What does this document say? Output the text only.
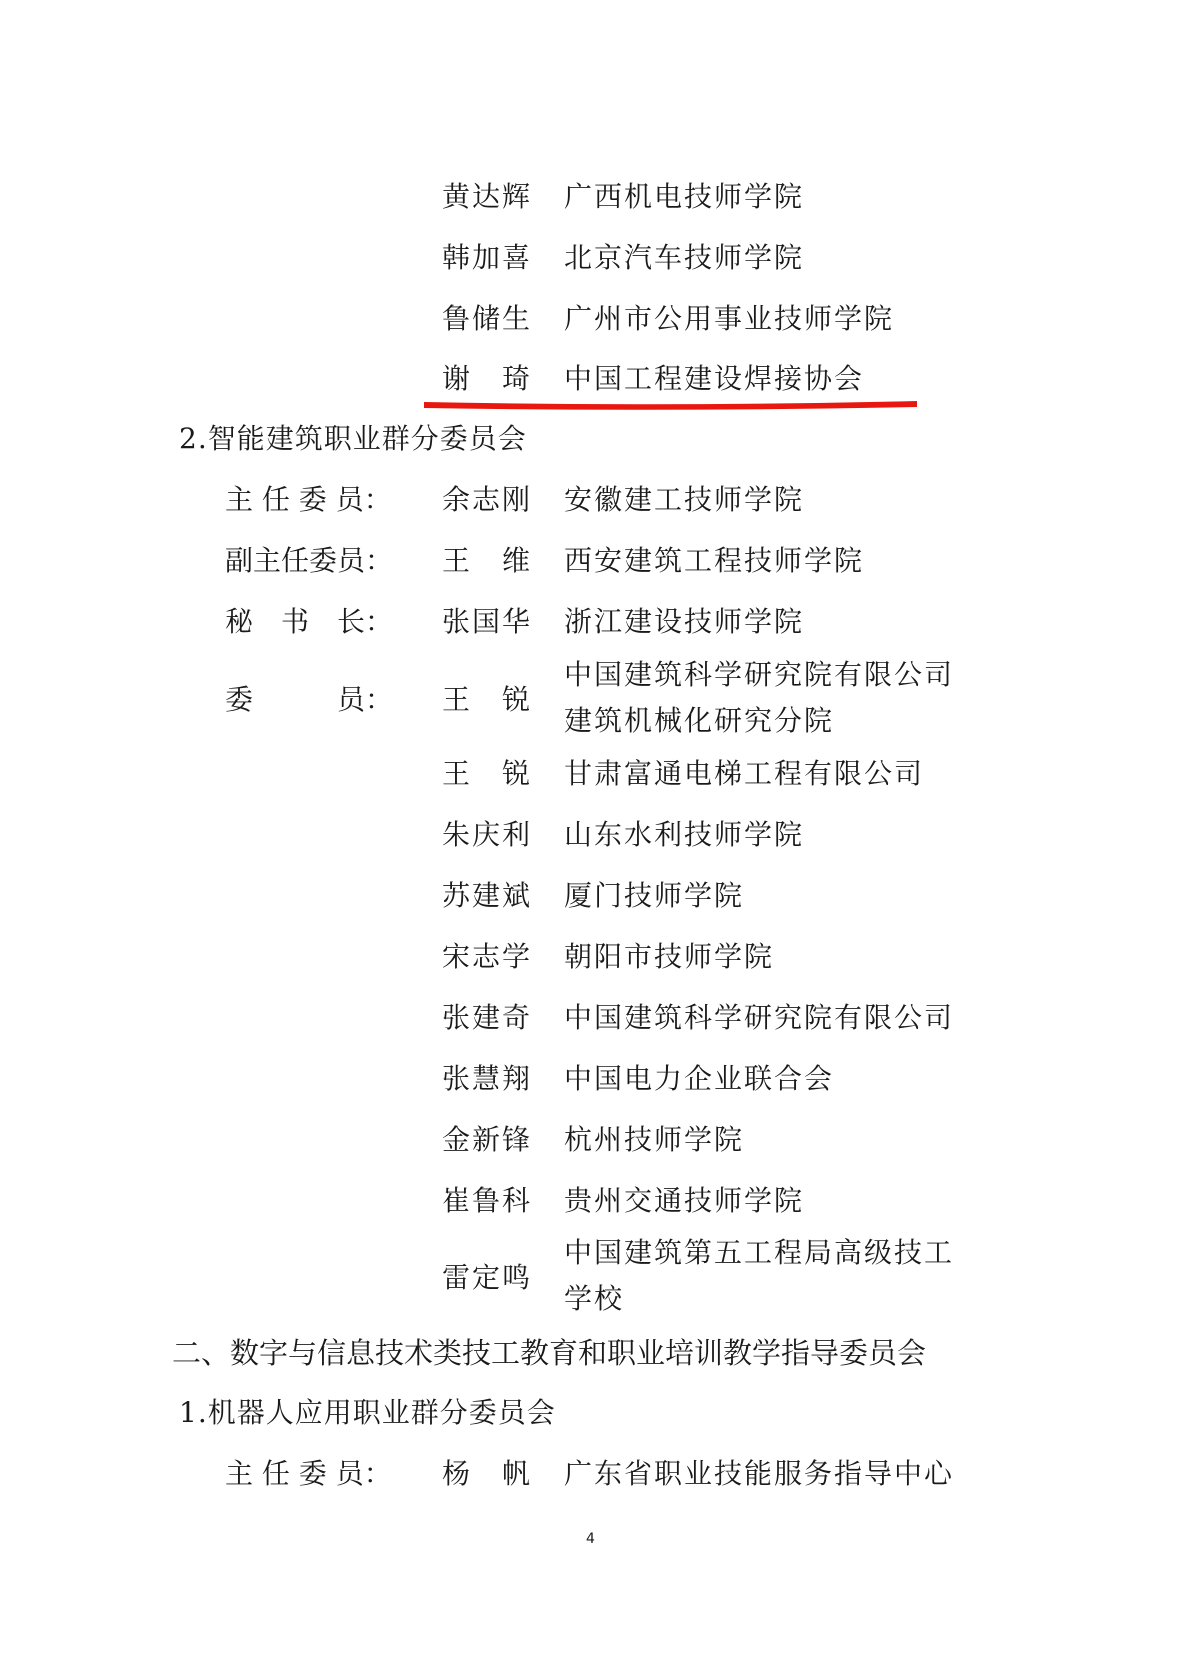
黄达辉 广西机电技师学院
韩加喜 北京汽车技师学院
鲁储生 广州市公用事业技师学院
谢　琦 中国工程建设焊接协会
2.智能建筑职业群分委员会
主 任 委 员： 余志刚 安徽建工技师学院
副主任委员： 王　维 西安建筑工程技师学院
秘　书　长： 张国华 浙江建设技师学院
委　　　员： 王　锐
中国建筑科学研究院有限公司
建筑机械化研究分院
王　锐 甘肃富通电梯工程有限公司
朱庆利 山东水利技师学院
苏建斌 厦门技师学院
宋志学 朝阳市技师学院
张建奇 中国建筑科学研究院有限公司
张慧翔 中国电力企业联合会
金新锋 杭州技师学院
崔鲁科 贵州交通技师学院
雷定鸣
中国建筑第五工程局高级技工
学校
二、数字与信息技术类技工教育和职业培训教学指导委员会
1.机器人应用职业群分委员会
主 任 委 员： 杨　帆 广东省职业技能服务指导中心
4
